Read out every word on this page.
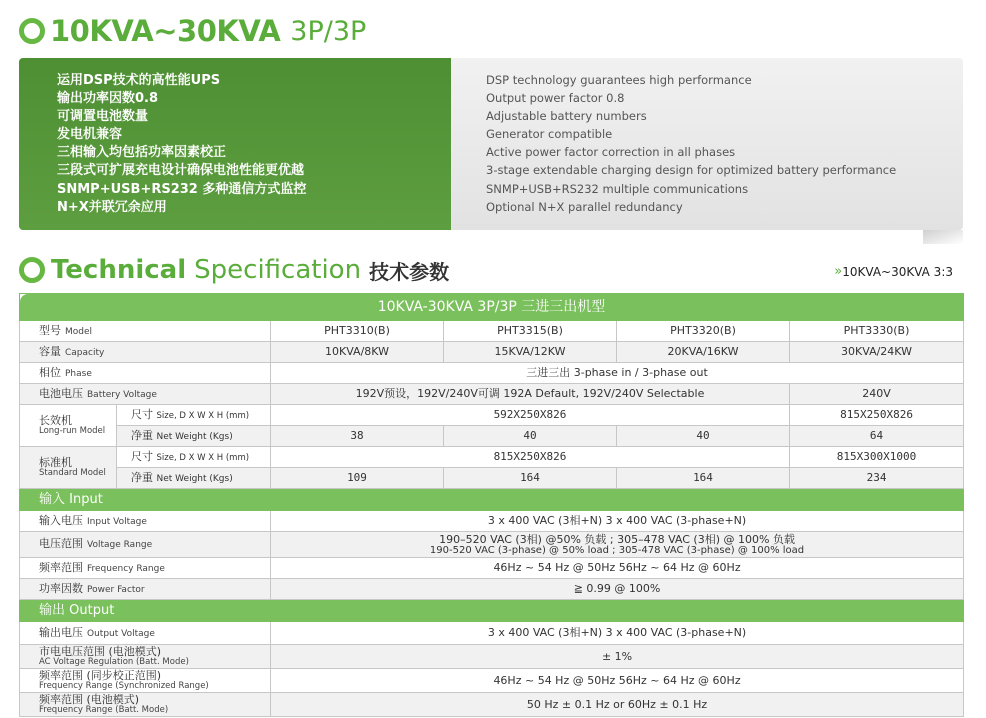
10KVA~30KVA 3P/3P
运用DSP技术的高性能UPS
输出功率因数0.8
可调置电池数量
发电机兼容
三相输入均包括功率因素校正
三段式可扩展充电设计确保电池性能更优越
SNMP+USB+RS232 多种通信方式监控
N+X并联冗余应用
DSP technology guarantees high performance
Output power factor 0.8
Adjustable battery numbers
Generator compatible
Active power factor correction in all phases
3-stage extendable charging design for optimized battery performance
SNMP+USB+RS232 multiple communications
Optional N+X parallel redundancy
Technical Specification 技术参数	» 10KVA~30KVA 3:3
10KVA-30KVA 3P/3P 三进三出机型					
型号 Model		PHT3310(B)	PHT3315(B)	PHT3320(B)	PHT3330(B)
容量 Capacity		10KVA/8KW	15KVA/12KW	20KVA/16KW	30KVA/24KW
相位 Phase		三进三出 3-phase in / 3-phase out			
电池电压 Battery Voltage		192V预设，192V/240V可调 192A Default, 192V/240V Selectable			240V

长效机
Long-run Model	尺寸 Size, D X W X H (mm)	592X250X826			815X250X826
	净重 Net Weight (Kgs)	38	40	40	64

标准机
Standard Model	尺寸 Size, D X W X H (mm)	815X250X826			815X300X1000
	净重 Net Weight (Kgs)	109	164	164	234
输入 Input					
输入电压 Input Voltage		3 x 400 VAC (3相+N) 3 x 400 VAC (3-phase+N)			
电压范围 Voltage Range		190–520 VAC (3相) @50% 负载 ; 305–478 VAC (3相) @ 100% 负载
190-520 VAC (3-phase) @ 50% load ; 305-478 VAC (3-phase) @ 100% load			

频率范围 Frequency Range		46Hz ~ 54 Hz @ 50Hz 56Hz ~ 64 Hz @ 60Hz			
功率因数 Power Factor		≧ 0.99 @ 100%			
输出 Output					
输出电压 Output Voltage		3 x 400 VAC (3相+N) 3 x 400 VAC (3-phase+N)			

市电电压范围 (电池模式)
AC Voltage Regulation (Batt. Mode)		± 1%			

频率范围 (同步校正范围)
Frequency Range (Synchronized Range)		46Hz ~ 54 Hz @ 50Hz 56Hz ~ 64 Hz @ 60Hz			

频率范围 (电池模式)
Frequency Range (Batt. Mode)		50 Hz ± 0.1 Hz or 60Hz ± 0.1 Hz			
